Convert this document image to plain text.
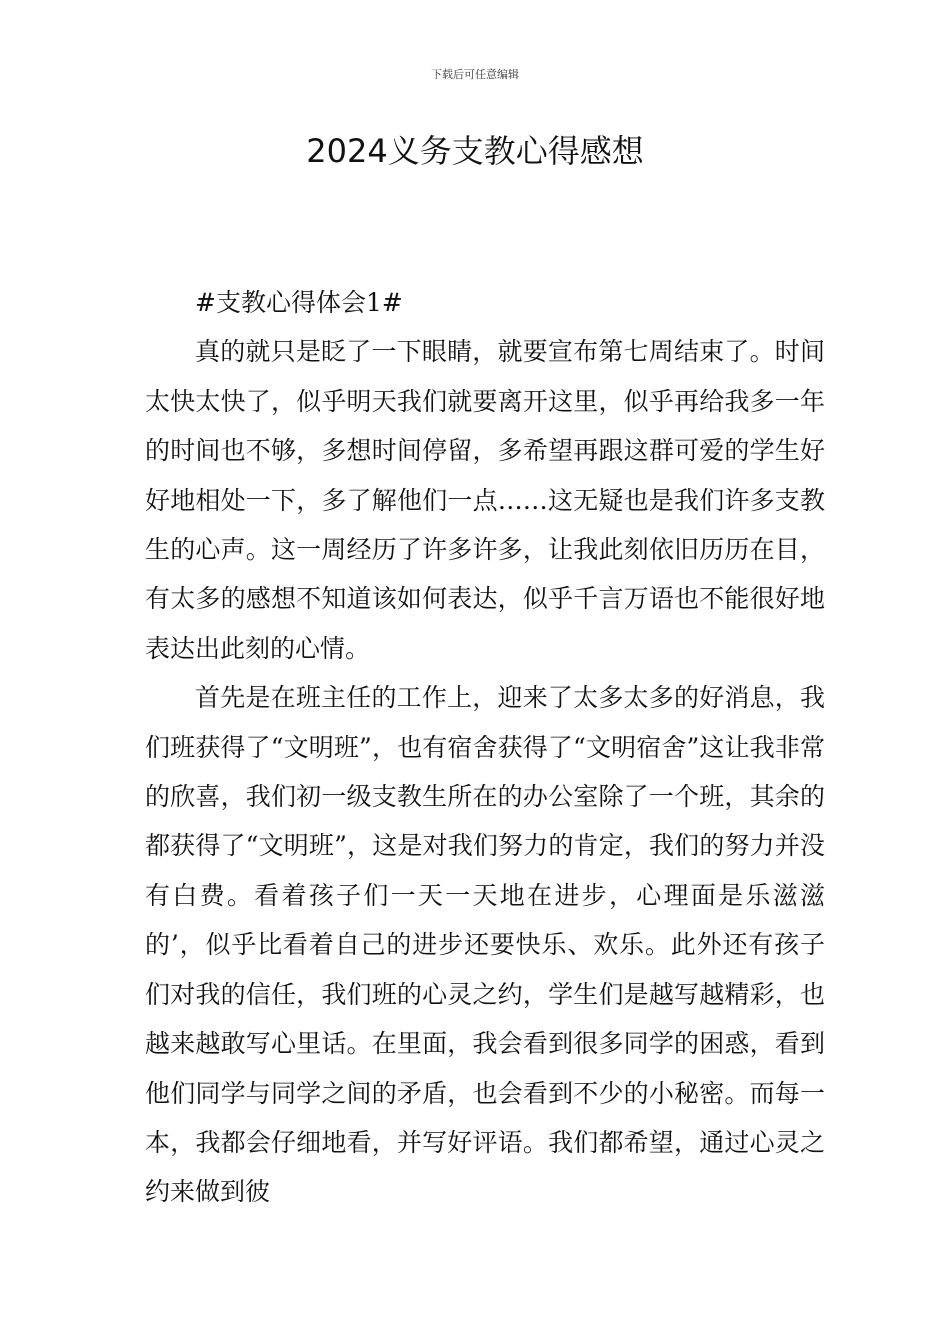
下载后可任意编辑
2024义务支教心得感想

#支教心得体会1#

真的就只是眨了一下眼睛，就要宣布第七周结束了。时间太快太快了，似乎明天我们就要离开这里，似乎再给我多一年的时间也不够，多想时间停留，多希望再跟这群可爱的学生好好地相处一下，多了解他们一点……这无疑也是我们许多支教生的心声。这一周经历了许多许多，让我此刻依旧历历在目，有太多的感想不知道该如何表达，似乎千言万语也不能很好地表达出此刻的心情。

首先是在班主任的工作上，迎来了太多太多的好消息，我们班获得了“文明班”，也有宿舍获得了“文明宿舍”这让我非常的欣喜，我们初一级支教生所在的办公室除了一个班，其余的都获得了“文明班”，这是对我们努力的肯定，我们的努力并没有白费。看着孩子们一天一天地在进步，心理面是乐滋滋的’，似乎比看着自己的进步还要快乐、欢乐。此外还有孩子们对我的信任，我们班的心灵之约，学生们是越写越精彩，也越来越敢写心里话。在里面，我会看到很多同学的困惑，看到他们同学与同学之间的矛盾，也会看到不少的小秘密。而每一本，我都会仔细地看，并写好评语。我们都希望，通过心灵之约来做到彼
